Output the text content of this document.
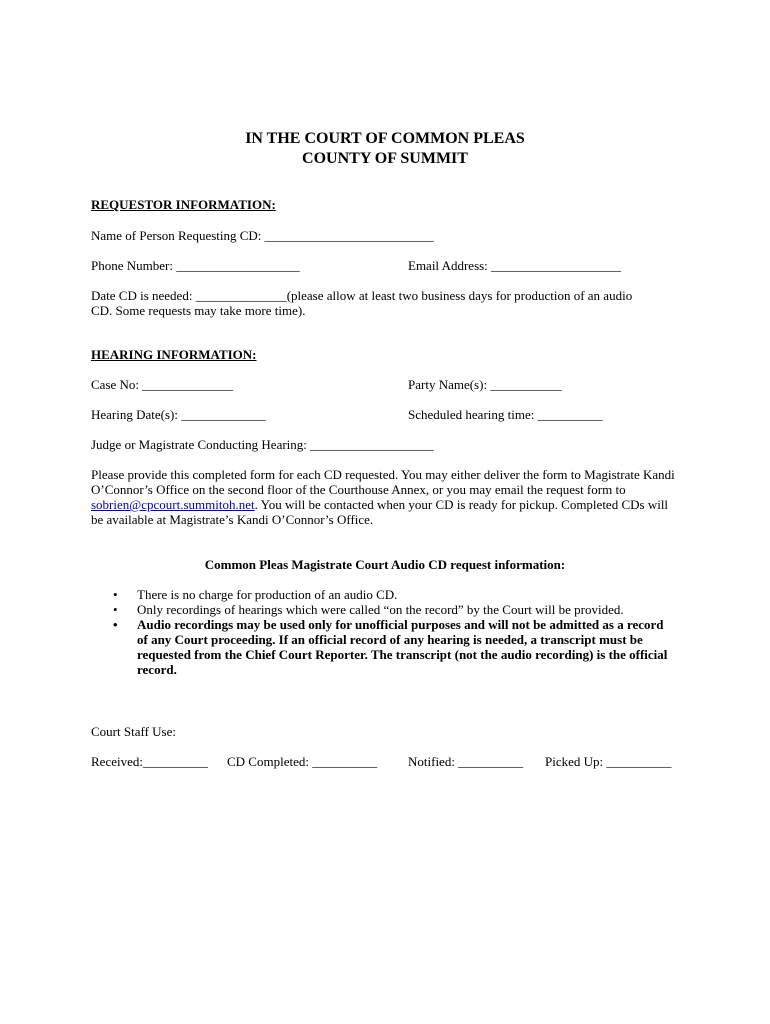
IN THE COURT OF COMMON PLEAS
COUNTY OF SUMMIT
REQUESTOR INFORMATION:
Name of Person Requesting CD: __________________________
Phone Number: ___________________	Email Address: ____________________
Date CD is needed: ______________(please allow at least two business days for production of an audio
CD. Some requests may take more time).
HEARING INFORMATION:
Case No: ______________	Party Name(s): ___________
Hearing Date(s): _____________	Scheduled hearing time: __________
Judge or Magistrate Conducting Hearing: ___________________
Please provide this completed form for each CD requested. You may either deliver the form to Magistrate Kandi O’Connor’s Office on the second floor of the Courthouse Annex, or you may email the request form to sobrien@cpcourt.summitoh.net. You will be contacted when your CD is ready for pickup. Completed CDs will be available at Magistrate’s Kandi O’Connor’s Office.
Common Pleas Magistrate Court Audio CD request information:
• There is no charge for production of an audio CD.
• Only recordings of hearings which were called “on the record” by the Court will be provided.
• Audio recordings may be used only for unofficial purposes and will not be admitted as a record of any Court proceeding. If an official record of any hearing is needed, a transcript must be requested from the Chief Court Reporter. The transcript (not the audio recording) is the official record.
Court Staff Use:
Received:__________ CD Completed: __________ Notified: __________ Picked Up: __________
